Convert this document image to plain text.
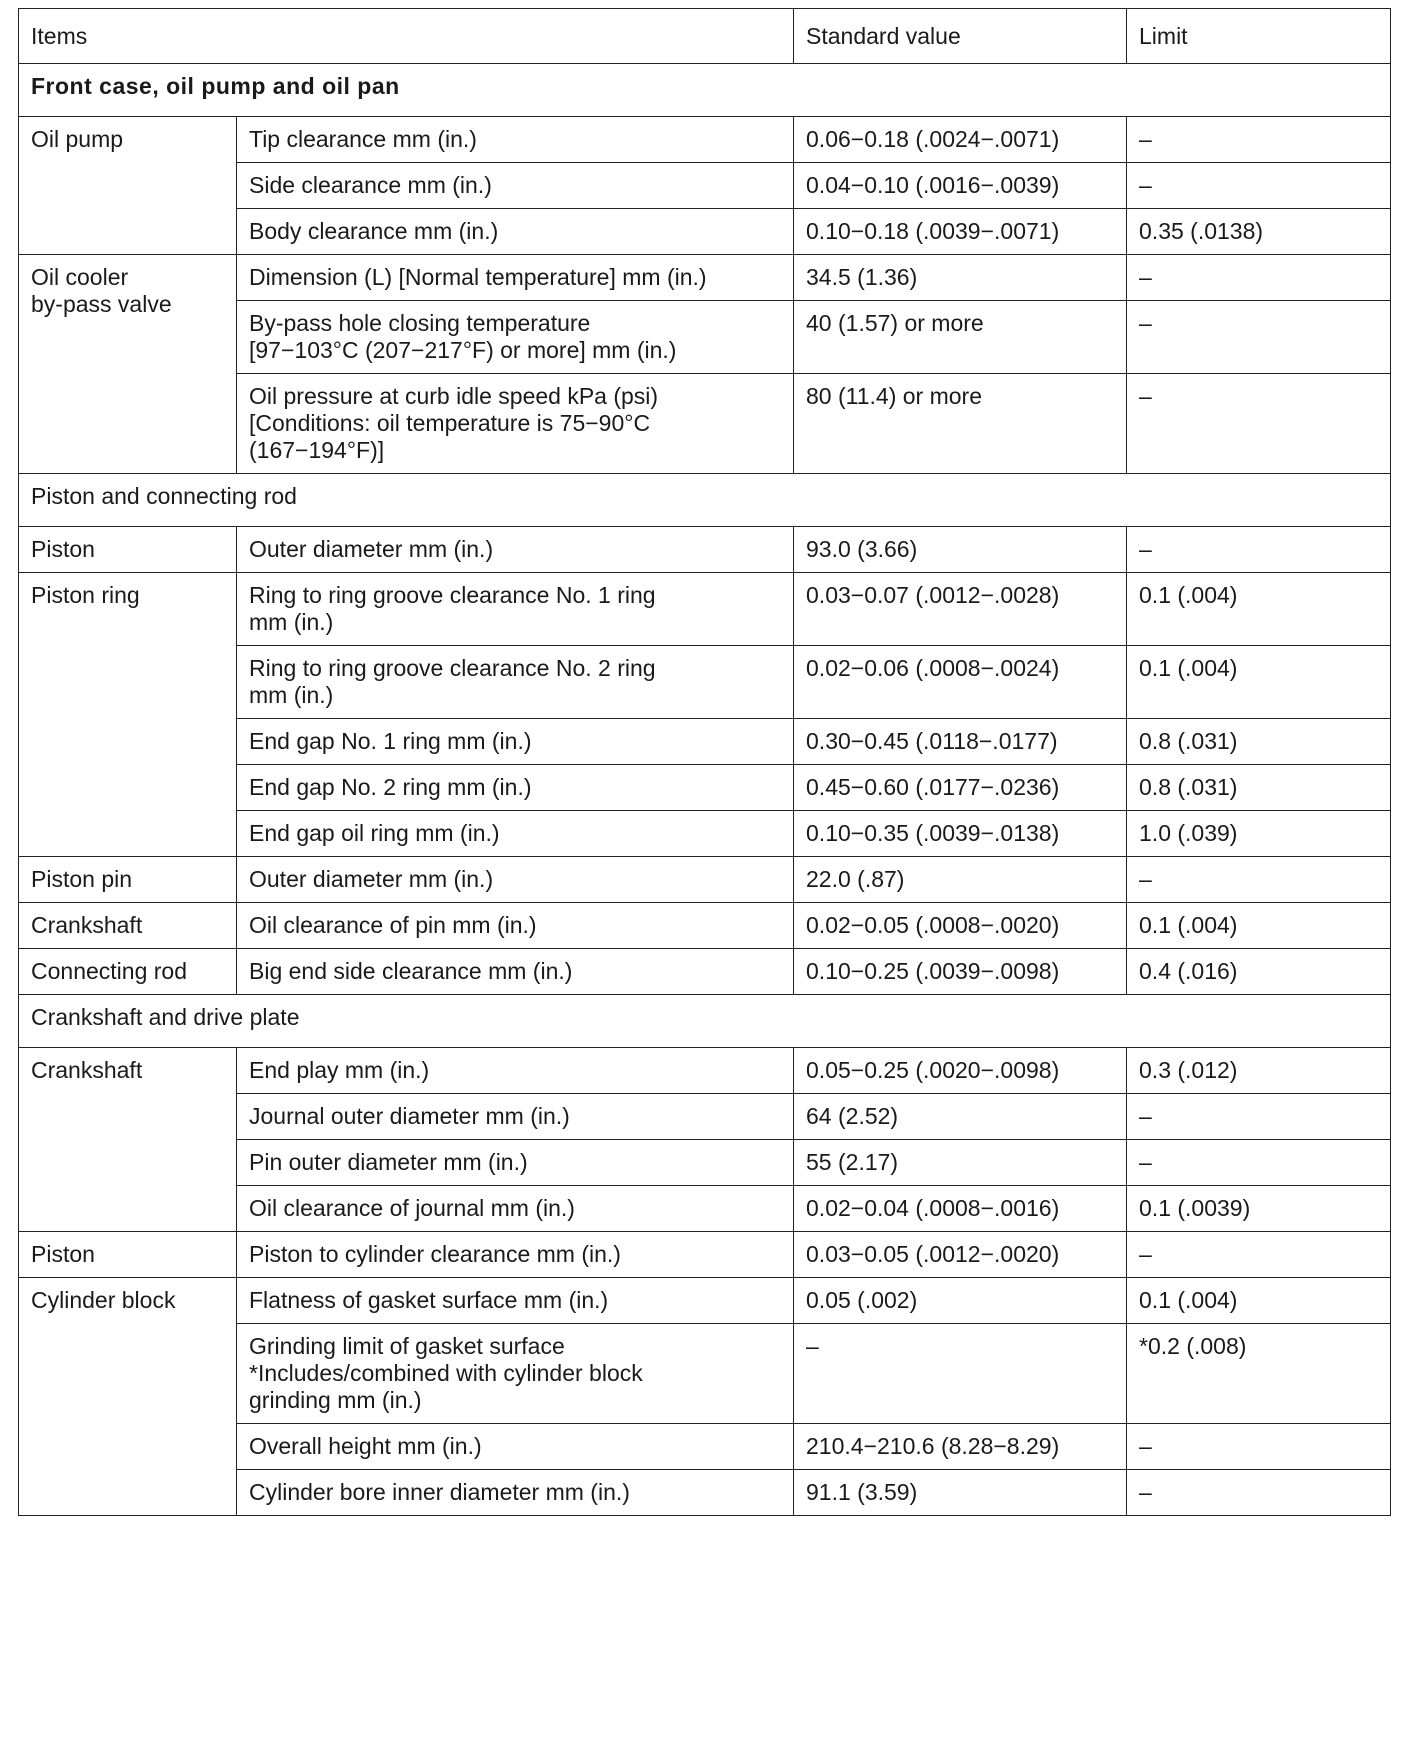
Items		Standard value	Limit
Front case, oil pump and oil pan			
Oil pump	Tip clearance mm (in.)	0.06−0.18 (.0024−.0071)	–
	Side clearance mm (in.)	0.04−0.10 (.0016−.0039)	–
	Body clearance mm (in.)	0.10−0.18 (.0039−.0071)	0.35 (.0138)
Oil cooler
by-pass valve	Dimension (L) [Normal temperature] mm (in.)	34.5 (1.36)	–
	By-pass hole closing temperature
[97−103°C (207−217°F) or more] mm (in.)	40 (1.57) or more	–
	Oil pressure at curb idle speed kPa (psi)
[Conditions: oil temperature is 75−90°C
(167−194°F)]	80 (11.4) or more	–
Piston and connecting rod			
Piston	Outer diameter mm (in.)	93.0 (3.66)	–
Piston ring	Ring to ring groove clearance No. 1 ring
mm (in.)	0.03−0.07 (.0012−.0028)	0.1 (.004)
	Ring to ring groove clearance No. 2 ring
mm (in.)	0.02−0.06 (.0008−.0024)	0.1 (.004)
	End gap No. 1 ring mm (in.)	0.30−0.45 (.0118−.0177)	0.8 (.031)
	End gap No. 2 ring mm (in.)	0.45−0.60 (.0177−.0236)	0.8 (.031)
	End gap oil ring mm (in.)	0.10−0.35 (.0039−.0138)	1.0 (.039)
Piston pin	Outer diameter mm (in.)	22.0 (.87)	–
Crankshaft	Oil clearance of pin mm (in.)	0.02−0.05 (.0008−.0020)	0.1 (.004)
Connecting rod	Big end side clearance mm (in.)	0.10−0.25 (.0039−.0098)	0.4 (.016)
Crankshaft and drive plate			
Crankshaft	End play mm (in.)	0.05−0.25 (.0020−.0098)	0.3 (.012)
	Journal outer diameter mm (in.)	64 (2.52)	–
	Pin outer diameter mm (in.)	55 (2.17)	–
	Oil clearance of journal mm (in.)	0.02−0.04 (.0008−.0016)	0.1 (.0039)
Piston	Piston to cylinder clearance mm (in.)	0.03−0.05 (.0012−.0020)	–
Cylinder block	Flatness of gasket surface mm (in.)	0.05 (.002)	0.1 (.004)
	Grinding limit of gasket surface
*Includes/combined with cylinder block
grinding mm (in.)	–	*0.2 (.008)
	Overall height mm (in.)	210.4−210.6 (8.28−8.29)	–
	Cylinder bore inner diameter mm (in.)	91.1 (3.59)	–
